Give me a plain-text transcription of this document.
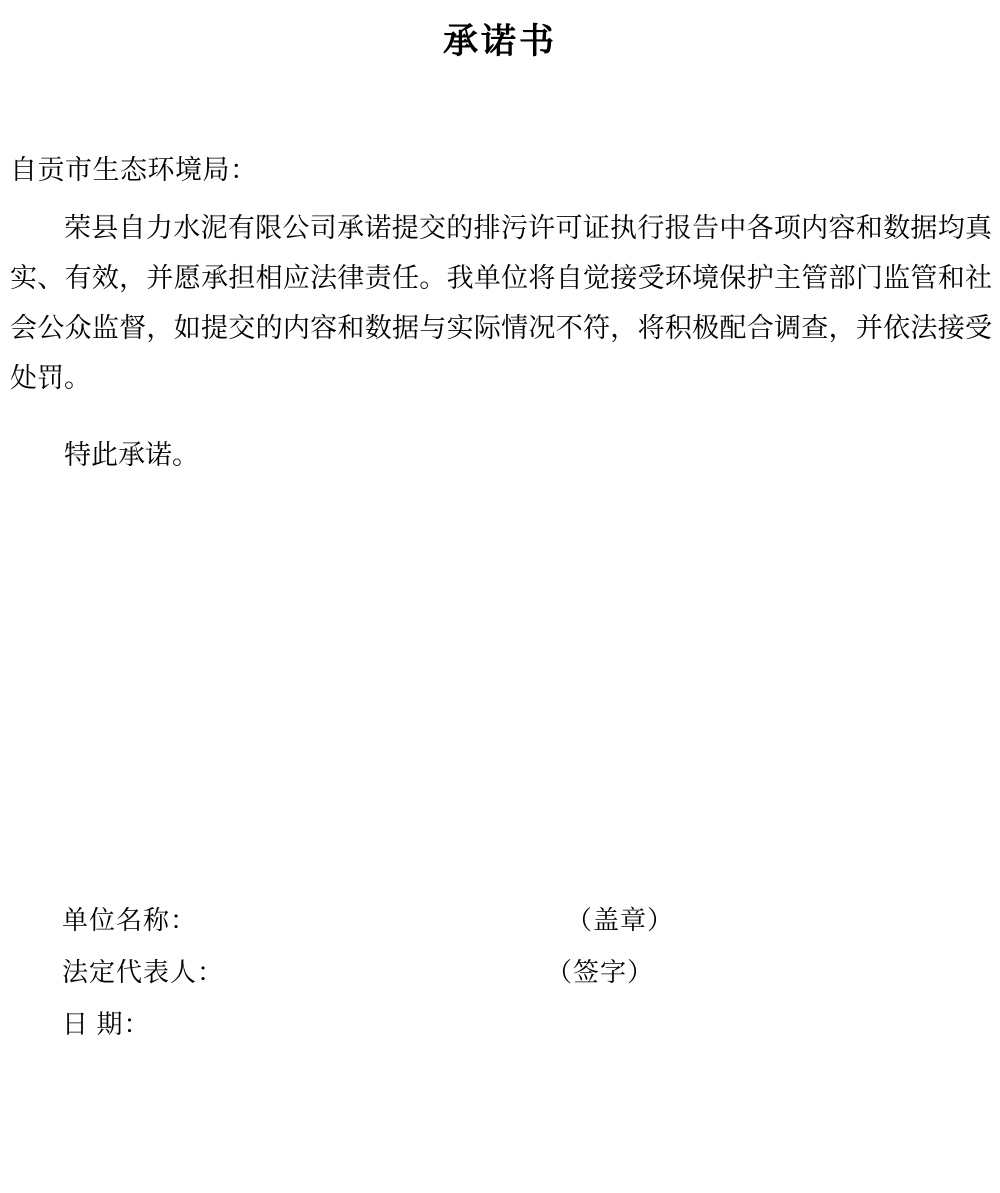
承诺书
自贡市生态环境局：
荣县自力水泥有限公司承诺提交的排污许可证执行报告中各项内容和数据均真实、有效，并愿承担相应法律责任。我单位将自觉接受环境保护主管部门监管和社会公众监督，如提交的内容和数据与实际情况不符，将积极配合调查，并依法接受处罚。
特此承诺。
单位名称：	（盖章）
法定代表人：	（签字）
日 期：
